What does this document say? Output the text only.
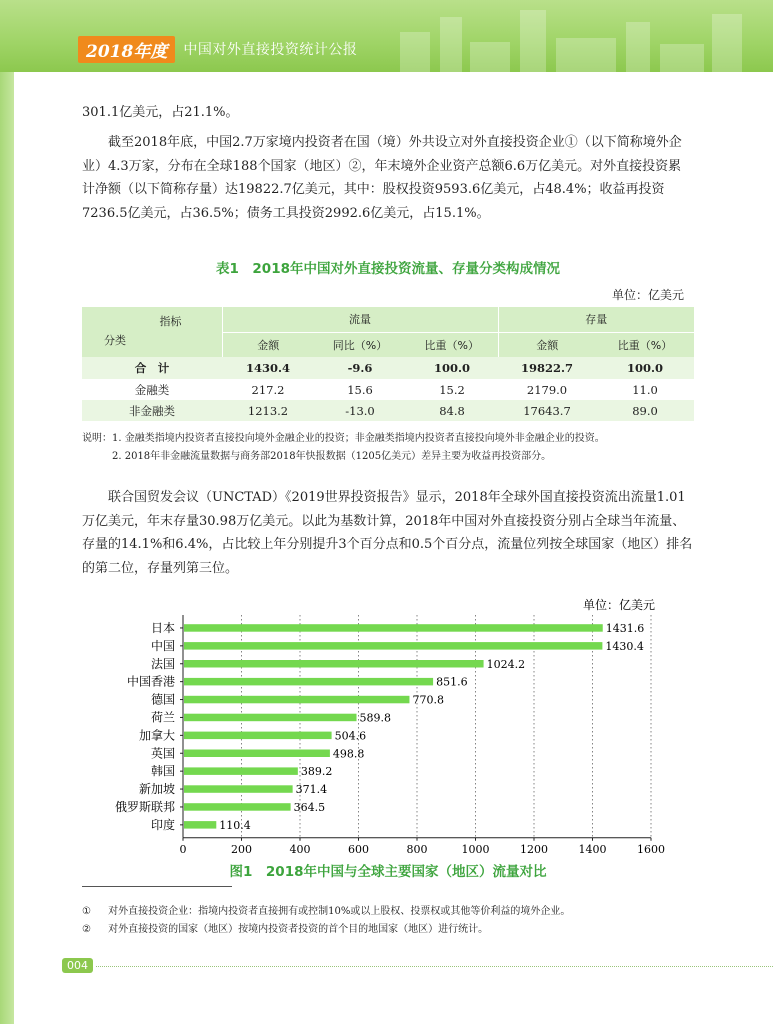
2018年度	中国对外直接投资统计公报

301.1亿美元，占21.1%。

截至2018年底，中国2.7万家境内投资者在国（境）外共设立对外直接投资企业①（以下简称境外企业）4.3万家，分布在全球188个国家（地区）②，年末境外企业资产总额6.6万亿美元。对外直接投资累计净额（以下简称存量）达19822.7亿美元，其中：股权投资9593.6亿美元，占48.4%；收益再投资7236.5亿美元，占36.5%；债务工具投资2992.6亿美元，占15.1%。

表1　2018年中国对外直接投资流量、存量分类构成情况
单位：亿美元
指标
分类	流量			存量	
	金额	同比（%）	比重（%）	金额	比重（%）
合　计	1430.4	-9.6	100.0	19822.7	100.0
金融类	217.2	15.6	15.2	2179.0	11.0
非金融类	1213.2	-13.0	84.8	17643.7	89.0
说明：1. 金融类指境内投资者直接投向境外金融企业的投资；非金融类指境内投资者直接投向境外非金融企业的投资。
2. 2018年非金融流量数据与商务部2018年快报数据（1205亿美元）差异主要为收益再投资部分。

联合国贸发会议（UNCTAD）《2019世界投资报告》显示，2018年全球外国直接投资流出流量1.01万亿美元，年末存量30.98万亿美元。以此为基数计算，2018年中国对外直接投资分别占全球当年流量、存量的14.1%和6.4%，占比较上年分别提升3个百分点和0.5个百分点，流量位列按全球国家（地区）排名的第二位，存量列第三位。

单位：亿美元
0	200	400	600	800	1000	1200	1400	1600
日本	1431.6
中国	1430.4
法国	1024.2
中国香港	851.6
德国	770.8
荷兰	589.8
加拿大	504.6
英国	498.8
韩国	389.2
新加坡	371.4
俄罗斯联邦	364.5
印度	110.4
图1　2018年中国与全球主要国家（地区）流量对比
① 对外直接投资企业：指境内投资者直接拥有或控制10%或以上股权、投票权或其他等价利益的境外企业。
② 对外直接投资的国家（地区）按境内投资者投资的首个目的地国家（地区）进行统计。
004
